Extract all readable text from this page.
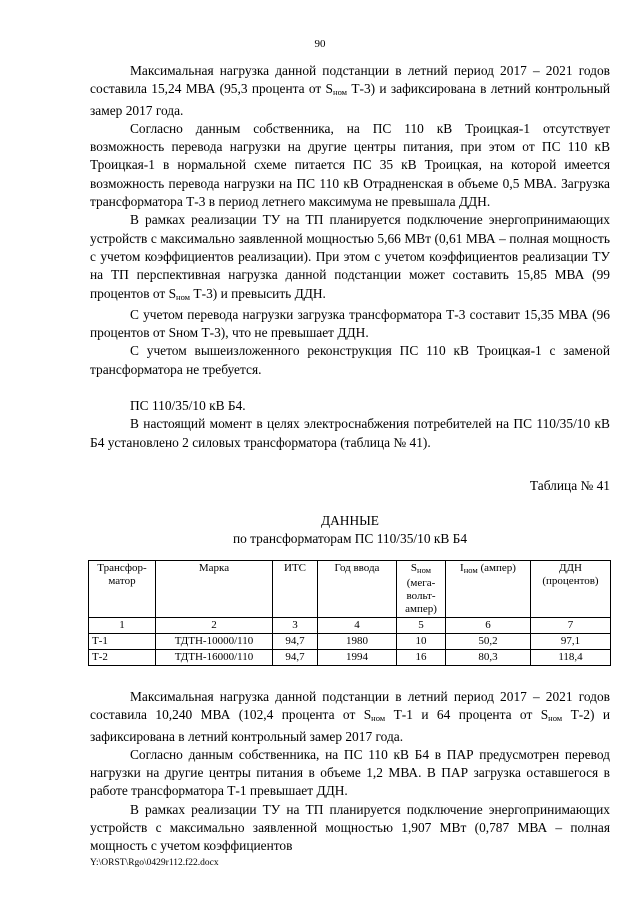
90

Максимальная нагрузка данной подстанции в летний период 2017 – 2021 годов составила 15,24 МВА (95,3 процента от $S_{ном}$ Т-3) и зафиксирована в летний контрольный замер 2017 года.

Согласно данным собственника, на ПС 110 кВ Троицкая-1 отсутствует возможность перевода нагрузки на другие центры питания, при этом от ПС 110 кВ Троицкая-1 в нормальной схеме питается ПС 35 кВ Троицкая, на которой имеется возможность перевода нагрузки на ПС 110 кВ Отрадненская в объеме 0,5 МВА. Загрузка трансформатора Т-3 в период летнего максимума не превышала ДДН.

В рамках реализации ТУ на ТП планируется подключение энергопринимающих устройств с максимально заявленной мощностью 5,66 МВт (0,61 МВА – полная мощность с учетом коэффициентов реализации). При этом с учетом коэффициентов реализации ТУ на ТП перспективная нагрузка данной подстанции может составить 15,85 МВА (99 процентов от $S_{ном}$ Т-3) и превысить ДДН.

С учетом перевода нагрузки загрузка трансформатора Т-3 составит 15,35 МВА (96 процентов от Sном Т-3), что не превышает ДДН.

С учетом вышеизложенного реконструкция ПС 110 кВ Троицкая-1 с заменой трансформатора не требуется.

ПС 110/35/10 кВ Б4.

В настоящий момент в целях электроснабжения потребителей на ПС 110/35/10 кВ Б4 установлено 2 силовых трансформатора (таблица № 41).

Таблица № 41
ДАННЫЕ
по трансформаторам ПС 110/35/10 кВ Б4
Трансфор-матор	Марка	ИТС	Год ввода	$S_{ном}$ (мега-вольт-ампер)	$I_{ном}$ (ампер)	ДДН (процентов)
1	2	3	4	5	6	7
Т-1	ТДТН-10000/110	94,7	1980	10	50,2	97,1
Т-2	ТДТН-16000/110	94,7	1994	16	80,3	118,4

Максимальная нагрузка данной подстанции в летний период 2017 – 2021 годов составила 10,240 МВА (102,4 процента от $S_{ном}$ Т-1 и 64 процента от $S_{ном}$ Т-2) и зафиксирована в летний контрольный замер 2017 года.

Согласно данным собственника, на ПС 110 кВ Б4 в ПАР предусмотрен перевод нагрузки на другие центры питания в объеме 1,2 МВА. В ПАР загрузка оставшегося в работе трансформатора Т-1 превышает ДДН.

В рамках реализации ТУ на ТП планируется подключение энергопринимающих устройств с максимально заявленной мощностью 1,907 МВт (0,787 МВА – полная мощность с учетом коэффициентов

Y:\ORST\Rgo\0429r112.f22.docx
